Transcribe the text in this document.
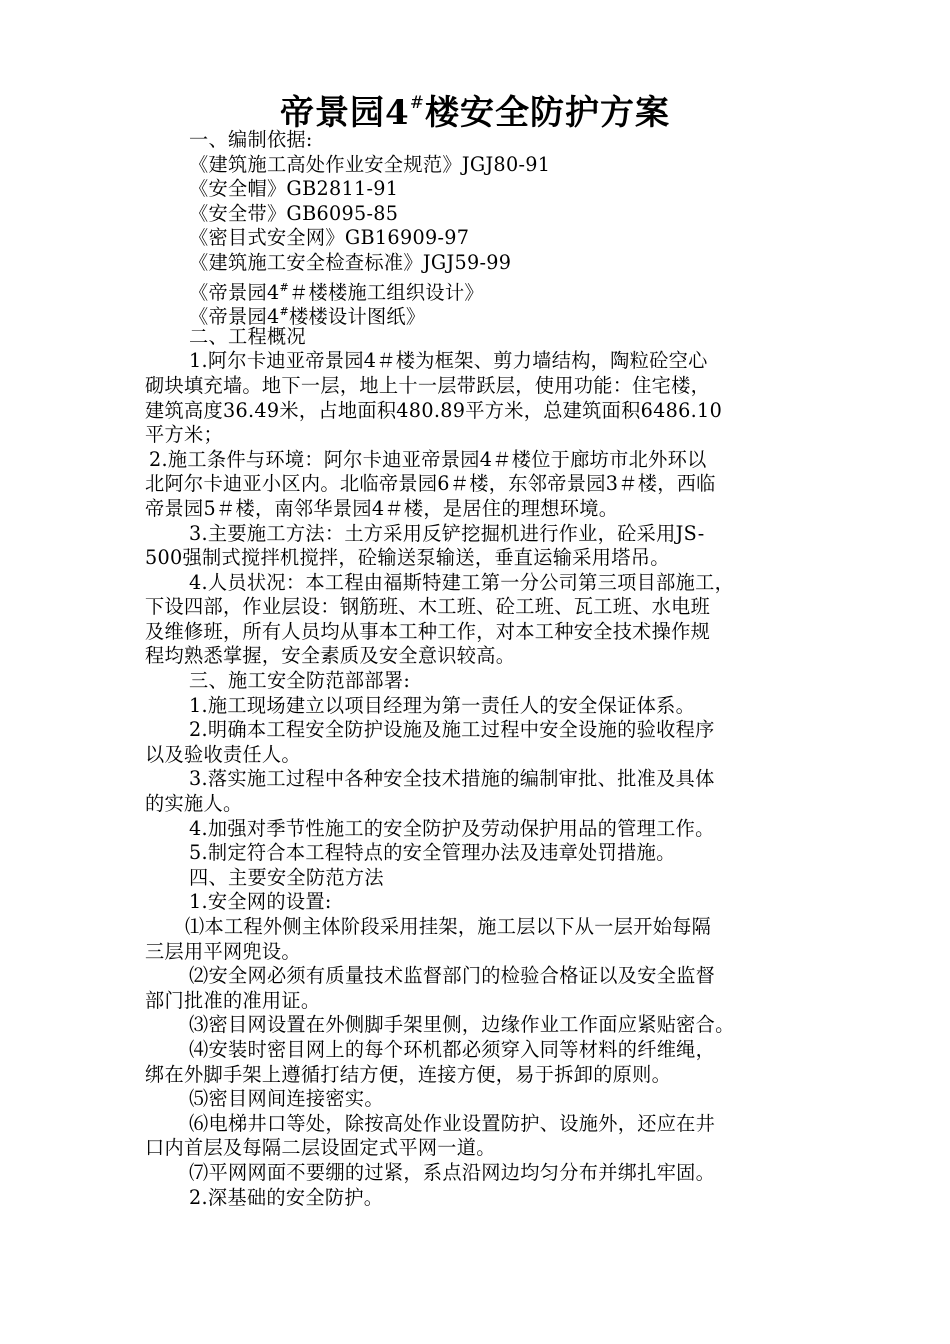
帝景园4#楼安全防护方案
一、编制依据:
《建筑施工高处作业安全规范》JGJ80-91
《安全帽》GB2811-91
《安全带》GB6095-85
《密目式安全网》GB16909-97
《建筑施工安全检查标准》JGJ59-99
《帝景园4#＃楼楼施工组织设计》
《帝景园4#楼楼设计图纸》
二、工程概况
1.阿尔卡迪亚帝景园4＃楼为框架、剪力墙结构，陶粒砼空心
砌块填充墙。地下一层，地上十一层带跃层，使用功能：住宅楼，
建筑高度36.49米，占地面积480.89平方米，总建筑面积6486.10
平方米；
2.施工条件与环境：阿尔卡迪亚帝景园4＃楼位于廊坊市北外环以
北阿尔卡迪亚小区内。北临帝景园6＃楼，东邻帝景园3＃楼，西临
帝景园5＃楼，南邻华景园4＃楼，是居住的理想环境。
3.主要施工方法：土方采用反铲挖掘机进行作业，砼采用JS-
500强制式搅拌机搅拌，砼输送泵输送，垂直运输采用塔吊。
4.人员状况：本工程由福斯特建工第一分公司第三项目部施工，
下设四部，作业层设：钢筋班、木工班、砼工班、瓦工班、水电班
及维修班，所有人员均从事本工种工作，对本工种安全技术操作规
程均熟悉掌握，安全素质及安全意识较高。
三、施工安全防范部部署:
1.施工现场建立以项目经理为第一责任人的安全保证体系。
2.明确本工程安全防护设施及施工过程中安全设施的验收程序
以及验收责任人。
3.落实施工过程中各种安全技术措施的编制审批、批准及具体
的实施人。
4.加强对季节性施工的安全防护及劳动保护用品的管理工作。
5.制定符合本工程特点的安全管理办法及违章处罚措施。
四、主要安全防范方法
1.安全网的设置:
⑴本工程外侧主体阶段采用挂架，施工层以下从一层开始每隔
三层用平网兜设。
⑵安全网必须有质量技术监督部门的检验合格证以及安全监督
部门批准的准用证。
⑶密目网设置在外侧脚手架里侧，边缘作业工作面应紧贴密合。
⑷安装时密目网上的每个环机都必须穿入同等材料的纤维绳，
绑在外脚手架上遵循打结方便，连接方便，易于拆卸的原则。
⑸密目网间连接密实。
⑹电梯井口等处，除按高处作业设置防护、设施外，还应在井
口内首层及每隔二层设固定式平网一道。
⑺平网网面不要绷的过紧，系点沿网边均匀分布并绑扎牢固。
2.深基础的安全防护。
